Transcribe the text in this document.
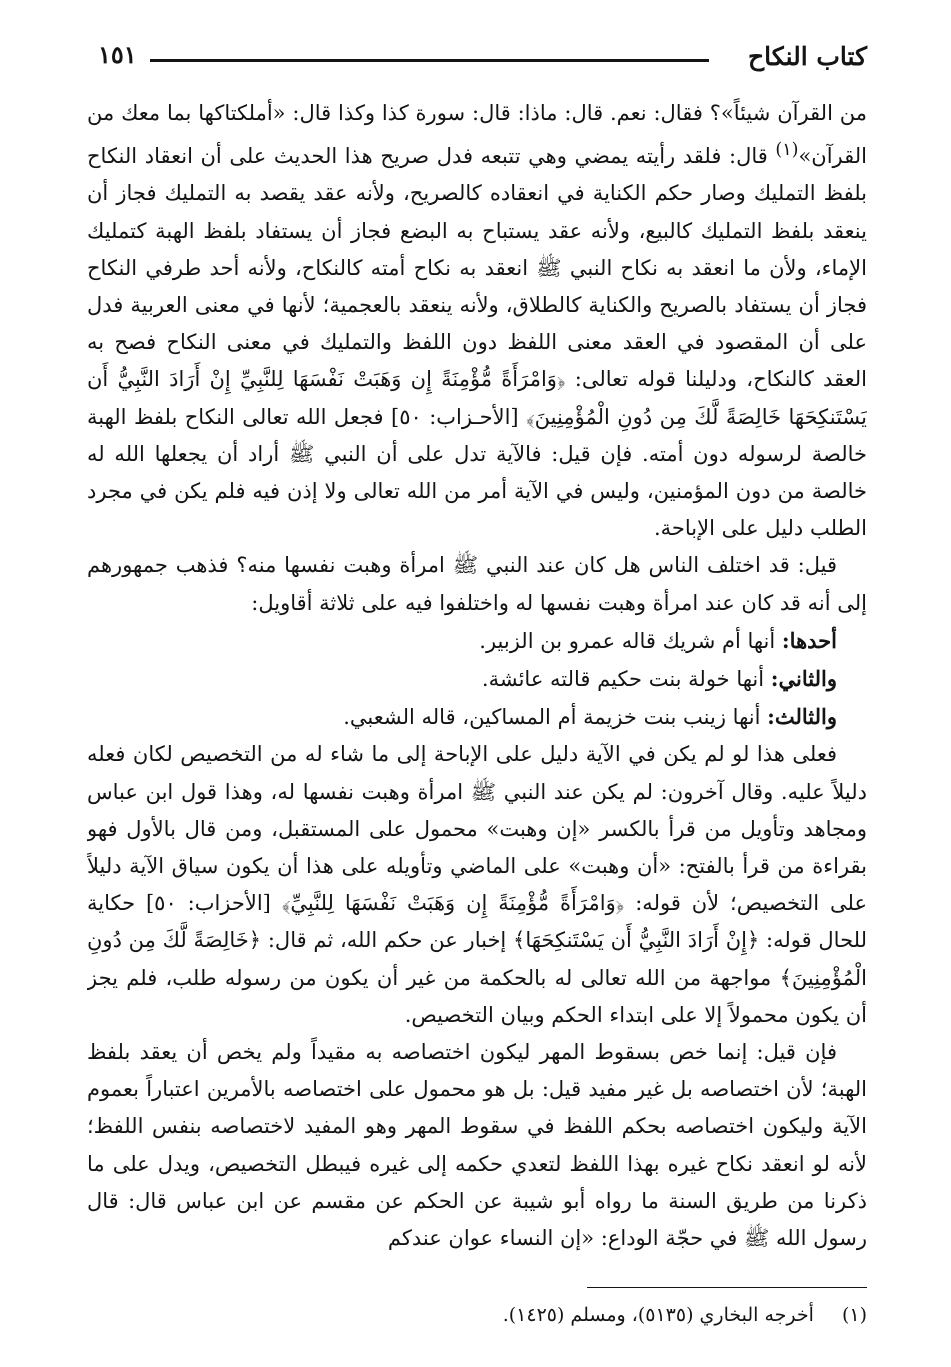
كتاب النكاح
١٥١

من القرآن شيئاً»؟ فقال: نعم. قال: ماذا: قال: سورة كذا وكذا قال: «أملكتاكها بما معك من القرآن»$^{(١)}$ قال: فلقد رأيته يمضي وهي تتبعه فدل صريح هذا الحديث على أن انعقاد النكاح بلفظ التمليك وصار حكم الكناية في انعقاده كالصريح، ولأنه عقد يقصد به التمليك فجاز أن ينعقد بلفظ التمليك كالبيع، ولأنه عقد يستباح به البضع فجاز أن يستفاد بلفظ الهبة كتمليك الإماء، ولأن ما انعقد به نكاح النبي ﷺ انعقد به نكاح أمته كالنكاح، ولأنه أحد طرفي النكاح فجاز أن يستفاد بالصريح والكناية كالطلاق، ولأنه ينعقد بالعجمية؛ لأنها في معنى العربية فدل على أن المقصود في العقد معنى اللفظ دون اللفظ والتمليك في معنى النكاح فصح به العقد كالنكاح، ودليلنا قوله تعالى: ﴿وَامْرَأَةً مُّؤْمِنَةً إِن وَهَبَتْ نَفْسَهَا لِلنَّبِيِّ إِنْ أَرَادَ النَّبِيُّ أَن يَسْتَنكِحَهَا خَالِصَةً لَّكَ مِن دُونِ الْمُؤْمِنِينَ﴾ [الأحـزاب: ٥٠] فجعل الله تعالى النكاح بلفظ الهبة خالصة لرسوله دون أمته. فإن قيل: فالآية تدل على أن النبي ﷺ أراد أن يجعلها الله له خالصة من دون المؤمنين، وليس في الآية أمر من الله تعالى ولا إذن فيه فلم يكن في مجرد الطلب دليل على الإباحة.

قيل: قد اختلف الناس هل كان عند النبي ﷺ امرأة وهبت نفسها منه؟ فذهب جمهورهم إلى أنه قد كان عند امرأة وهبت نفسها له واختلفوا فيه على ثلاثة أقاويل:

أحدها: أنها أم شريك قاله عمرو بن الزبير.

والثاني: أنها خولة بنت حكيم قالته عائشة.

والثالث: أنها زينب بنت خزيمة أم المساكين، قاله الشعبي.

فعلى هذا لو لم يكن في الآية دليل على الإباحة إلى ما شاء له من التخصيص لكان فعله دليلاً عليه. وقال آخرون: لم يكن عند النبي ﷺ امرأة وهبت نفسها له، وهذا قول ابن عباس ومجاهد وتأويل من قرأ بالكسر «إن وهبت» محمول على المستقبل، ومن قال بالأول فهو بقراءة من قرأ بالفتح: «أن وهبت» على الماضي وتأويله على هذا أن يكون سياق الآية دليلاً على التخصيص؛ لأن قوله: ﴿وَامْرَأَةً مُّؤْمِنَةً إِن وَهَبَتْ نَفْسَهَا لِلنَّبِيِّ﴾ [الأحزاب: ٥٠] حكاية للحال قوله: ﴿إِنْ أَرَادَ النَّبِيُّ أَن يَسْتَنكِحَهَا﴾ إخبار عن حكم الله، ثم قال: ﴿خَالِصَةً لَّكَ مِن دُونِ الْمُؤْمِنِينَ﴾ مواجهة من الله تعالى له بالحكمة من غير أن يكون من رسوله طلب، فلم يجز أن يكون محمولاً إلا على ابتداء الحكم وبيان التخصيص.

فإن قيل: إنما خص بسقوط المهر ليكون اختصاصه به مقيداً ولم يخص أن يعقد بلفظ الهبة؛ لأن اختصاصه بل غير مفيد قيل: بل هو محمول على اختصاصه بالأمرين اعتباراً بعموم الآية وليكون اختصاصه بحكم اللفظ في سقوط المهر وهو المفيد لاختصاصه بنفس اللفظ؛ لأنه لو انعقد نكاح غيره بهذا اللفظ لتعدي حكمه إلى غيره فيبطل التخصيص، ويدل على ما ذكرنا من طريق السنة ما رواه أبو شيبة عن الحكم عن مقسم عن ابن عباس قال: قال رسول الله ﷺ في حجّة الوداع: «إن النساء عوان عندكم

(١)أخرجه البخاري (٥١٣٥)، ومسلم (١٤٢٥).
